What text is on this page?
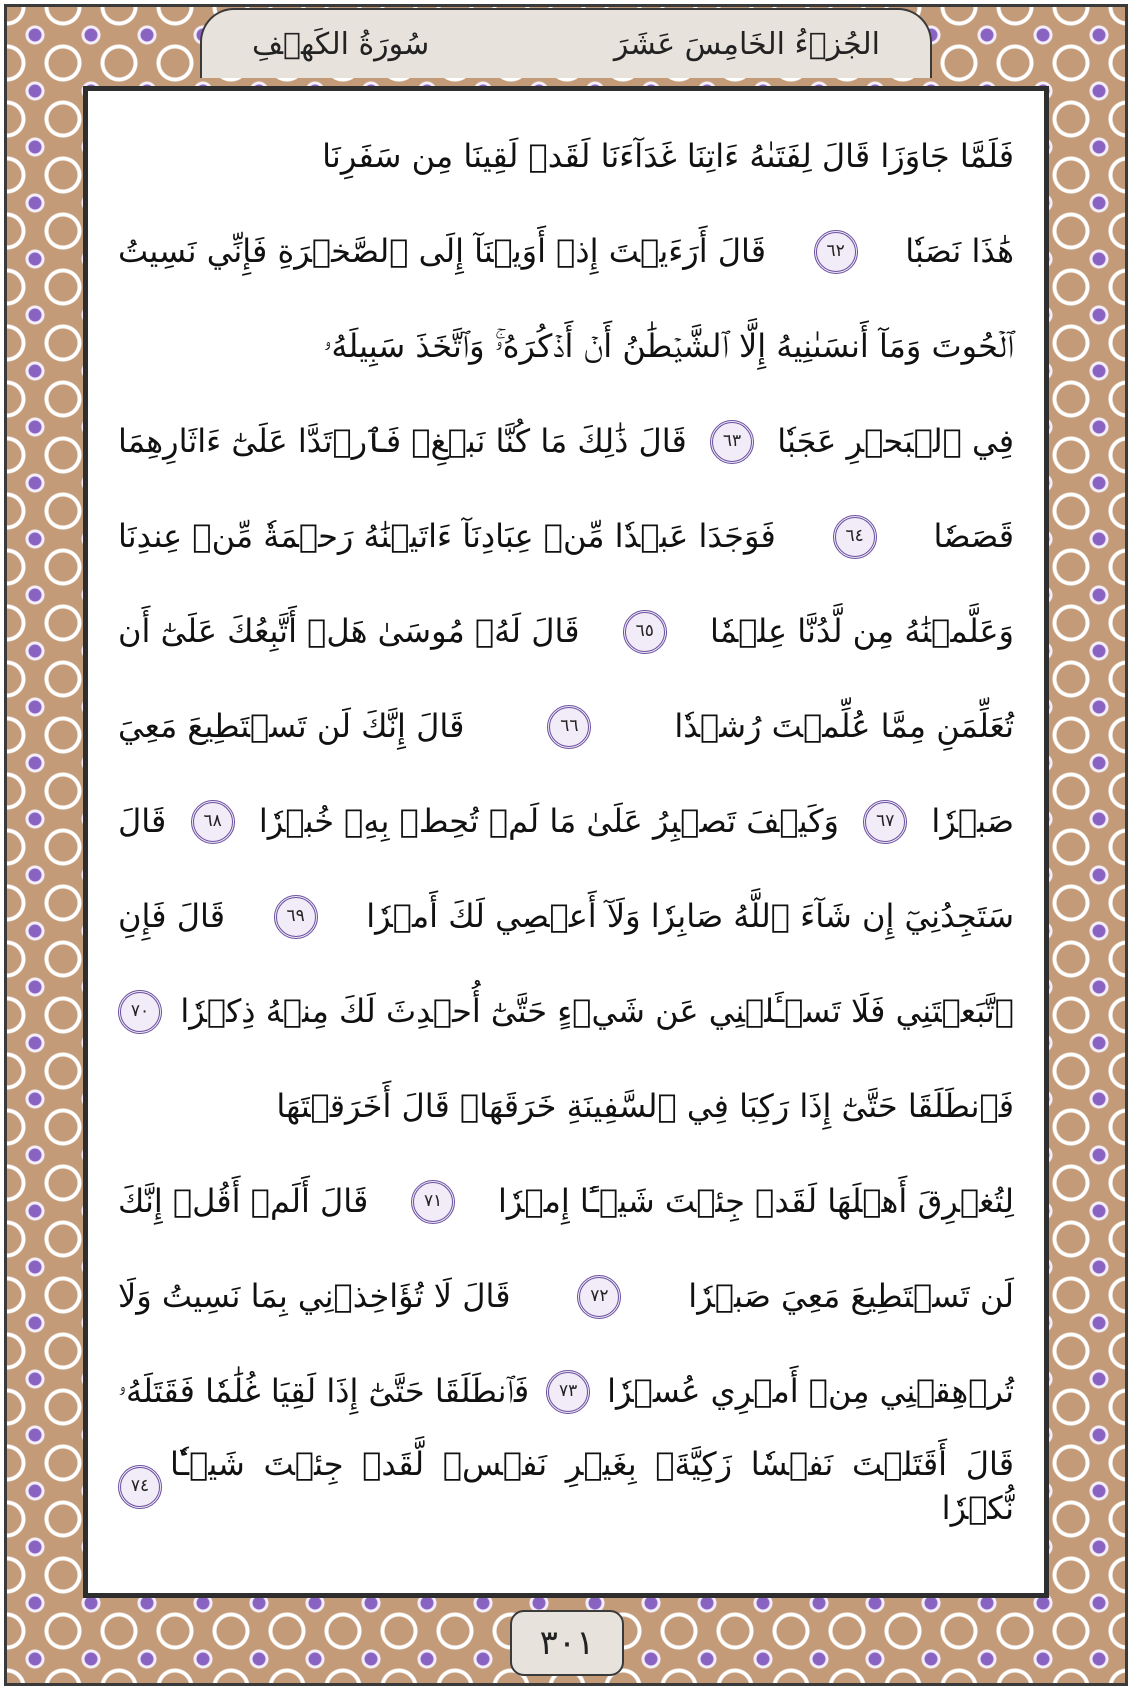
الجُزۡءُ الخَامِسَ عَشَرَ
سُورَةُ الكَهۡفِ
فَلَمَّا جَاوَزَا قَالَ لِفَتَىٰهُ ءَاتِنَا غَدَآءَنَا لَقَدۡ لَقِينَا مِن سَفَرِنَا
هَٰذَا نَصَبٗا
٦٢
قَالَ أَرَءَيۡتَ إِذۡ أَوَيۡنَآ إِلَى ٱلصَّخۡرَةِ فَإِنِّي نَسِيتُ
ٱلۡحُوتَ وَمَآ أَنسَىٰنِيهُ إِلَّا ٱلشَّيۡطَٰنُ أَنۡ أَذۡكُرَهُۥۚ وَٱتَّخَذَ سَبِيلَهُۥ
فِي ٱلۡبَحۡرِ عَجَبٗا
٦٣
قَالَ ذَٰلِكَ مَا كُنَّا نَبۡغِۚ فَٱرۡتَدَّا عَلَىٰٓ ءَاثَارِهِمَا
قَصَصٗا
٦٤
فَوَجَدَا عَبۡدٗا مِّنۡ عِبَادِنَآ ءَاتَيۡنَٰهُ رَحۡمَةٗ مِّنۡ عِندِنَا
وَعَلَّمۡنَٰهُ مِن لَّدُنَّا عِلۡمٗا
٦٥
قَالَ لَهُۥ مُوسَىٰ هَلۡ أَتَّبِعُكَ عَلَىٰٓ أَن
تُعَلِّمَنِ مِمَّا عُلِّمۡتَ رُشۡدٗا
٦٦
قَالَ إِنَّكَ لَن تَسۡتَطِيعَ مَعِيَ
صَبۡرٗا
٦٧
وَكَيۡفَ تَصۡبِرُ عَلَىٰ مَا لَمۡ تُحِطۡ بِهِۦ خُبۡرٗا
٦٨
قَالَ
سَتَجِدُنِيٓ إِن شَآءَ ٱللَّهُ صَابِرٗا وَلَآ أَعۡصِي لَكَ أَمۡرٗا
٦٩
قَالَ فَإِنِ
ٱتَّبَعۡتَنِي فَلَا تَسۡـَٔلۡنِي عَن شَيۡءٍ حَتَّىٰٓ أُحۡدِثَ لَكَ مِنۡهُ ذِكۡرٗا
٧٠
فَٱنطَلَقَا حَتَّىٰٓ إِذَا رَكِبَا فِي ٱلسَّفِينَةِ خَرَقَهَاۖ قَالَ أَخَرَقۡتَهَا
لِتُغۡرِقَ أَهۡلَهَا لَقَدۡ جِئۡتَ شَيۡـًٔا إِمۡرٗا
٧١
قَالَ أَلَمۡ أَقُلۡ إِنَّكَ
لَن تَسۡتَطِيعَ مَعِيَ صَبۡرٗا
٧٢
قَالَ لَا تُؤَاخِذۡنِي بِمَا نَسِيتُ وَلَا
تُرۡهِقۡنِي مِنۡ أَمۡرِي عُسۡرٗا
٧٣
فَٱنطَلَقَا حَتَّىٰٓ إِذَا لَقِيَا غُلَٰمٗا فَقَتَلَهُۥ
قَالَ أَقَتَلۡتَ نَفۡسٗا زَكِيَّةَۢ بِغَيۡرِ نَفۡسٖ لَّقَدۡ جِئۡتَ شَيۡـٔٗا نُّكۡرٗا
٧٤
٣٠١
